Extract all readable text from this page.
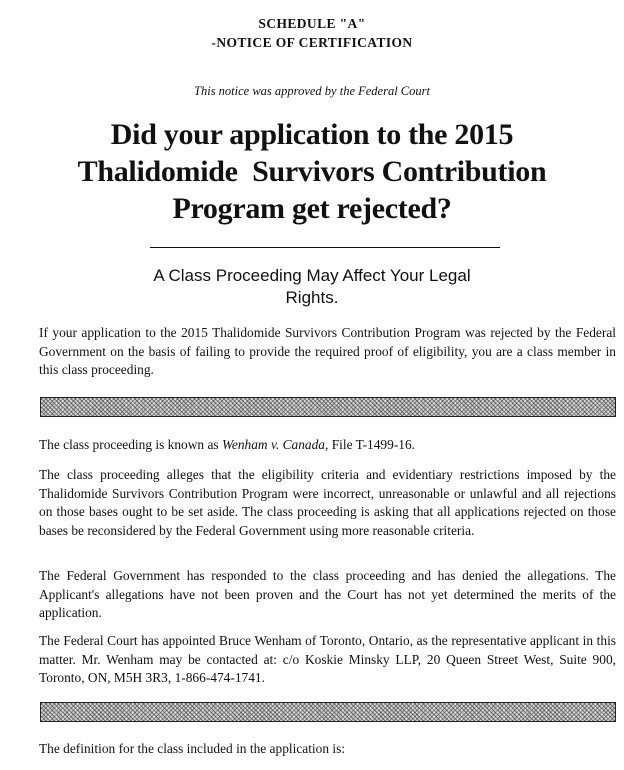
SCHEDULE "A"
-NOTICE OF CERTIFICATION
This notice was approved by the Federal Court
Did your application to the 2015
Thalidomide  Survivors Contribution
Program get rejected?
A Class Proceeding May Affect Your Legal
Rights.

If your application to the 2015 Thalidomide Survivors Contribution Program was rejected by the Federal Government on the basis of failing to provide the required proof of eligibility, you are a class member in this class proceeding.

The class proceeding is known as Wenham v. Canada, File T-1499-16.

The class proceeding alleges that the eligibility criteria and evidentiary restrictions imposed by the Thalidomide Survivors Contribution Program were incorrect, unreasonable or unlawful and all rejections on those bases ought to be set aside. The class proceeding is asking that all applications rejected on those bases be reconsidered by the Federal Government using more reasonable criteria.

The Federal Government has responded to the class proceeding and has denied the allegations. The Applicant's allegations have not been proven and the Court has not yet determined the merits of the application.

The Federal Court has appointed Bruce Wenham of Toronto, Ontario, as the representative applicant in this matter. Mr. Wenham may be contacted at: c/o Koskie Minsky LLP, 20 Queen Street West, Suite 900, Toronto, ON, M5H 3R3, 1-866-474-1741.

The definition for the class included in the application is:
